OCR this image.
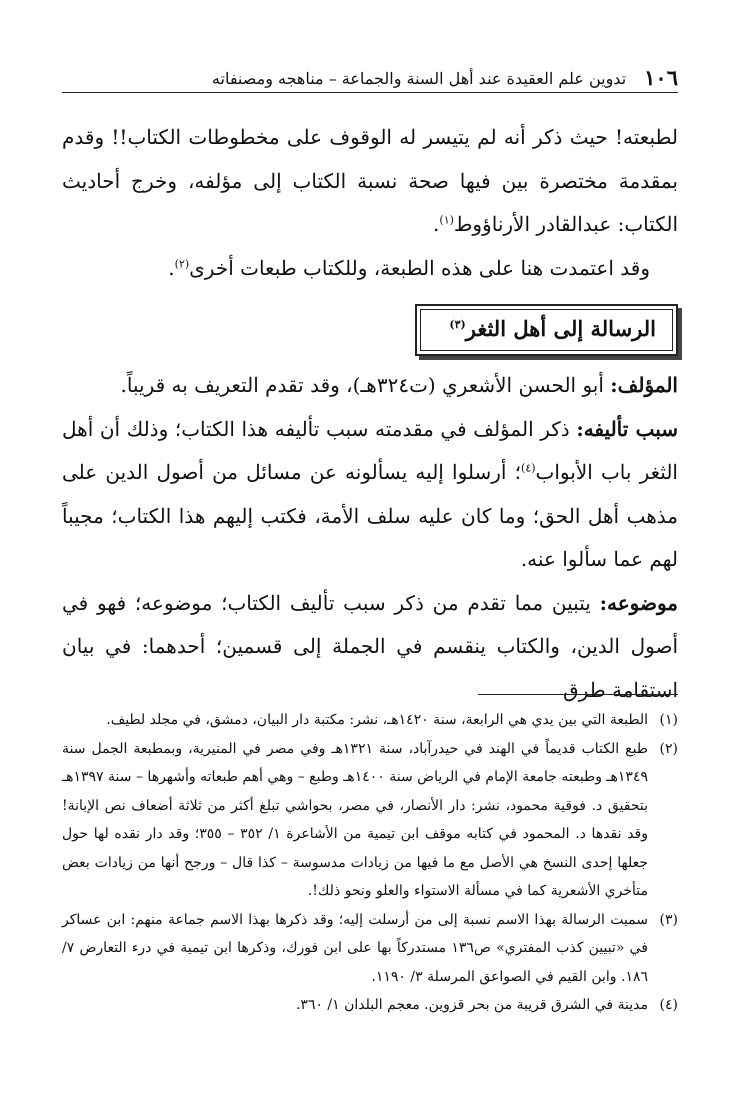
١٠٦
تدوين علم العقيدة عند أهل السنة والجماعة – مناهجه ومصنفاته

لطبعته! حيث ذكر أنه لم يتيسر له الوقوف على مخطوطات الكتاب!! وقدم بمقدمة مختصرة بين فيها صحة نسبة الكتاب إلى مؤلفه، وخرج أحاديث الكتاب: عبدالقادر الأرناؤوط$^{(١)}$.

وقد اعتمدت هنا على هذه الطبعة، وللكتاب طبعات أخرى$^{(٢)}$.

الرسالة إلى أهل الثغر$^{(٣)}$

المؤلف: أبو الحسن الأشعري (ت٣٢٤هـ)، وقد تقدم التعريف به قريباً.

سبب تأليفه: ذكر المؤلف في مقدمته سبب تأليفه هذا الكتاب؛ وذلك أن أهل الثغر باب الأبواب$^{(٤)}$؛ أرسلوا إليه يسألونه عن مسائل من أصول الدين على مذهب أهل الحق؛ وما كان عليه سلف الأمة، فكتب إليهم هذا الكتاب؛ مجيباً لهم عما سألوا عنه.

موضوعه: يتبين مما تقدم من ذكر سبب تأليف الكتاب؛ موضوعه؛ فهو في أصول الدين، والكتاب ينقسم في الجملة إلى قسمين؛ أحدهما: في بيان استقامة طرق

(١)
الطبعة التي بين يدي هي الرابعة، سنة ١٤٢٠هـ، نشر: مكتبة دار البيان، دمشق، في مجلد لطيف.

(٢)
طبع الكتاب قديماً في الهند في حيدرآباد، سنة ١٣٢١هـ وفي مصر في المنيرية، وبمطبعة الجمل سنة ١٣٤٩هـ وطبعته جامعة الإمام في الرياض سنة ١٤٠٠هـ وطبع – وهي أهم طبعاته وأشهرها – سنة ١٣٩٧هـ بتحقيق د. فوقية محمود، نشر: دار الأنصار، في مصر، بحواشي تبلغ أكثر من ثلاثة أضعاف نص الإبانة! وقد نقدها د. المحمود في كتابه موقف ابن تيمية من الأشاعرة ١/ ٣٥٢ – ٣٥٥؛ وقد دار نقده لها حول جعلها إحدى النسخ هي الأصل مع ما فيها من زيادات مدسوسة – كذا قال – ورجح أنها من زيادات بعض متأخري الأشعرية كما في مسألة الاستواء والعلو ونحو ذلك!.

(٣)
سميت الرسالة بهذا الاسم نسبة إلى من أرسلت إليه؛ وقد ذكرها بهذا الاسم جماعة منهم: ابن عساكر في «تبيين كذب المفتري» ص١٣٦ مستدركاً بها على ابن فورك، وذكرها ابن تيمية في درء التعارض ٧/ ١٨٦. وابن القيم في الصواعق المرسلة ٣/ ١١٩٠.

(٤)
مدينة في الشرق قريبة من بحر قزوين. معجم البلدان ١/ ٣٦٠.
